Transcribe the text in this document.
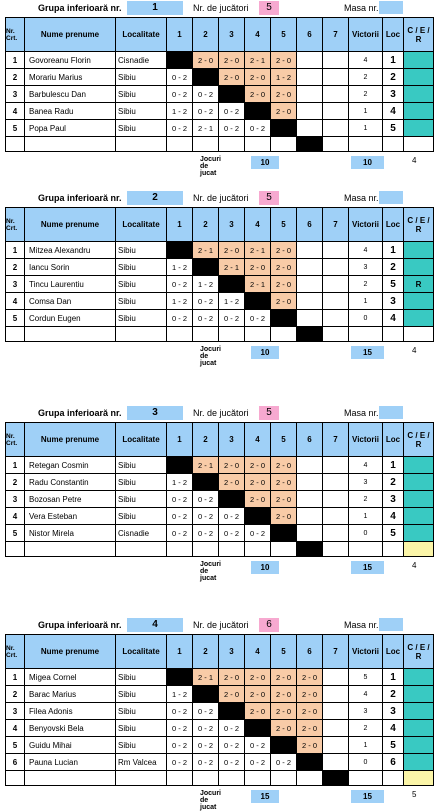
Grupa inferioară nr.	1	Nr. de jucători	5	Masa nr.
Nr. Crt.	Nume prenume	Localitate	1	2	3	4	5	6	7	Victorii	Loc	C / E / R
1	Govoreanu Florin	Cisnadie		2 - 0	2 - 0	2 - 1	2 - 0			4	1	
2	Morariu Marius	Sibiu	0 - 2		2 - 0	2 - 0	1 - 2			2	2	
3	Barbulescu Dan	Sibiu	0 - 2	0 - 2		2 - 0	2 - 0			2	3	
4	Banea Radu	Sibiu	1 - 2	0 - 2	0 - 2		2 - 0			1	4	
5	Popa Paul	Sibiu	0 - 2	2 - 1	0 - 2	0 - 2				1	5	

Jocuri de jucat
10	10	4
Grupa inferioară nr.	2	Nr. de jucători	5	Masa nr.
Nr. Crt.	Nume prenume	Localitate	1	2	3	4	5	6	7	Victorii	Loc	C / E / R
1	Mitzea Alexandru	Sibiu		2 - 1	2 - 0	2 - 1	2 - 0			4	1	
2	Iancu Sorin	Sibiu	1 - 2		2 - 1	2 - 0	2 - 0			3	2	
3	Tincu Laurentiu	Sibiu	0 - 2	1 - 2		2 - 1	2 - 0			2	5	R
4	Comsa Dan	Sibiu	1 - 2	0 - 2	1 - 2		2 - 0			1	3	
5	Cordun Eugen	Sibiu	0 - 2	0 - 2	0 - 2	0 - 2				0	4	

Jocuri de jucat
10	15	4
Grupa inferioară nr.	3	Nr. de jucători	5	Masa nr.
Nr. Crt.	Nume prenume	Localitate	1	2	3	4	5	6	7	Victorii	Loc	C / E / R
1	Retegan Cosmin	Sibiu		2 - 1	2 - 0	2 - 0	2 - 0			4	1	
2	Radu Constantin	Sibiu	1 - 2		2 - 0	2 - 0	2 - 0			3	2	
3	Bozosan Petre	Sibiu	0 - 2	0 - 2		2 - 0	2 - 0			2	3	
4	Vera Esteban	Sibiu	0 - 2	0 - 2	0 - 2		2 - 0			1	4	
5	Nistor Mirela	Cisnadie	0 - 2	0 - 2	0 - 2	0 - 2				0	5	

Jocuri de jucat
10	15	4
Grupa inferioară nr.	4	Nr. de jucători	6	Masa nr.
Nr. Crt.	Nume prenume	Localitate	1	2	3	4	5	6	7	Victorii	Loc	C / E / R
1	Migea Cornel	Sibiu		2 - 1	2 - 0	2 - 0	2 - 0	2 - 0		5	1	
2	Barac Marius	Sibiu	1 - 2		2 - 0	2 - 0	2 - 0	2 - 0		4	2	
3	Filea Adonis	Sibiu	0 - 2	0 - 2		2 - 0	2 - 0	2 - 0		3	3	
4	Benyovski Bela	Sibiu	0 - 2	0 - 2	0 - 2		2 - 0	2 - 0		2	4	
5	Guidu Mihai	Sibiu	0 - 2	0 - 2	0 - 2	0 - 2		2 - 0		1	5	
6	Pauna Lucian	Rm Valcea	0 - 2	0 - 2	0 - 2	0 - 2	0 - 2			0	6	

Jocuri de jucat
15	15	5
